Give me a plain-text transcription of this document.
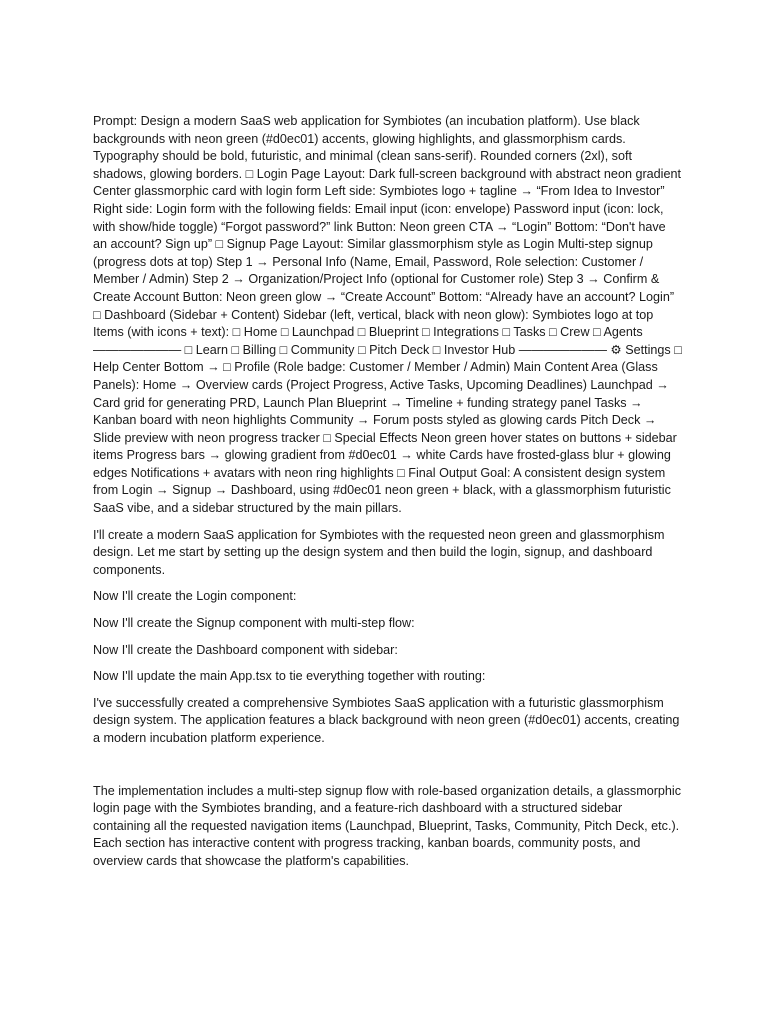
Prompt: Design a modern SaaS web application for Symbiotes (an incubation platform). Use black backgrounds with neon green (#d0ec01) accents, glowing highlights, and glassmorphism cards. Typography should be bold, futuristic, and minimal (clean sans-serif). Rounded corners (2xl), soft shadows, glowing borders. □ Login Page Layout: Dark full-screen background with abstract neon gradient Center glassmorphic card with login form Left side: Symbiotes logo + tagline → “From Idea to Investor” Right side: Login form with the following fields: Email input (icon: envelope) Password input (icon: lock, with show/hide toggle) “Forgot password?” link Button: Neon green CTA → “Login” Bottom: “Don't have an account? Sign up” □ Signup Page Layout: Similar glassmorphism style as Login Multi-step signup (progress dots at top) Step 1 → Personal Info (Name, Email, Password, Role selection: Customer / Member / Admin) Step 2 → Organization/Project Info (optional for Customer role) Step 3 → Confirm & Create Account Button: Neon green glow → “Create Account” Bottom: “Already have an account? Login” □ Dashboard (Sidebar + Content) Sidebar (left, vertical, black with neon glow): Symbiotes logo at top Items (with icons + text): □ Home □ Launchpad □ Blueprint □ Integrations □ Tasks □ Crew □ Agents ——————— □ Learn □ Billing □ Community □ Pitch Deck □ Investor Hub ——————— ⚙ Settings □ Help Center Bottom → □ Profile (Role badge: Customer / Member / Admin) Main Content Area (Glass Panels): Home → Overview cards (Project Progress, Active Tasks, Upcoming Deadlines) Launchpad → Card grid for generating PRD, Launch Plan Blueprint → Timeline + funding strategy panel Tasks → Kanban board with neon highlights Community → Forum posts styled as glowing cards Pitch Deck → Slide preview with neon progress tracker □ Special Effects Neon green hover states on buttons + sidebar items Progress bars → glowing gradient from #d0ec01 → white Cards have frosted-glass blur + glowing edges Notifications + avatars with neon ring highlights □ Final Output Goal: A consistent design system from Login → Signup → Dashboard, using #d0ec01 neon green + black, with a glassmorphism futuristic SaaS vibe, and a sidebar structured by the main pillars.

I'll create a modern SaaS application for Symbiotes with the requested neon green and glassmorphism design. Let me start by setting up the design system and then build the login, signup, and dashboard components.

Now I'll create the Login component:

Now I'll create the Signup component with multi-step flow:

Now I'll create the Dashboard component with sidebar:

Now I'll update the main App.tsx to tie everything together with routing:

I've successfully created a comprehensive Symbiotes SaaS application with a futuristic glassmorphism design system. The application features a black background with neon green (#d0ec01) accents, creating a modern incubation platform experience.

The implementation includes a multi-step signup flow with role-based organization details, a glassmorphic login page with the Symbiotes branding, and a feature-rich dashboard with a structured sidebar containing all the requested navigation items (Launchpad, Blueprint, Tasks, Community, Pitch Deck, etc.). Each section has interactive content with progress tracking, kanban boards, community posts, and overview cards that showcase the platform's capabilities.
